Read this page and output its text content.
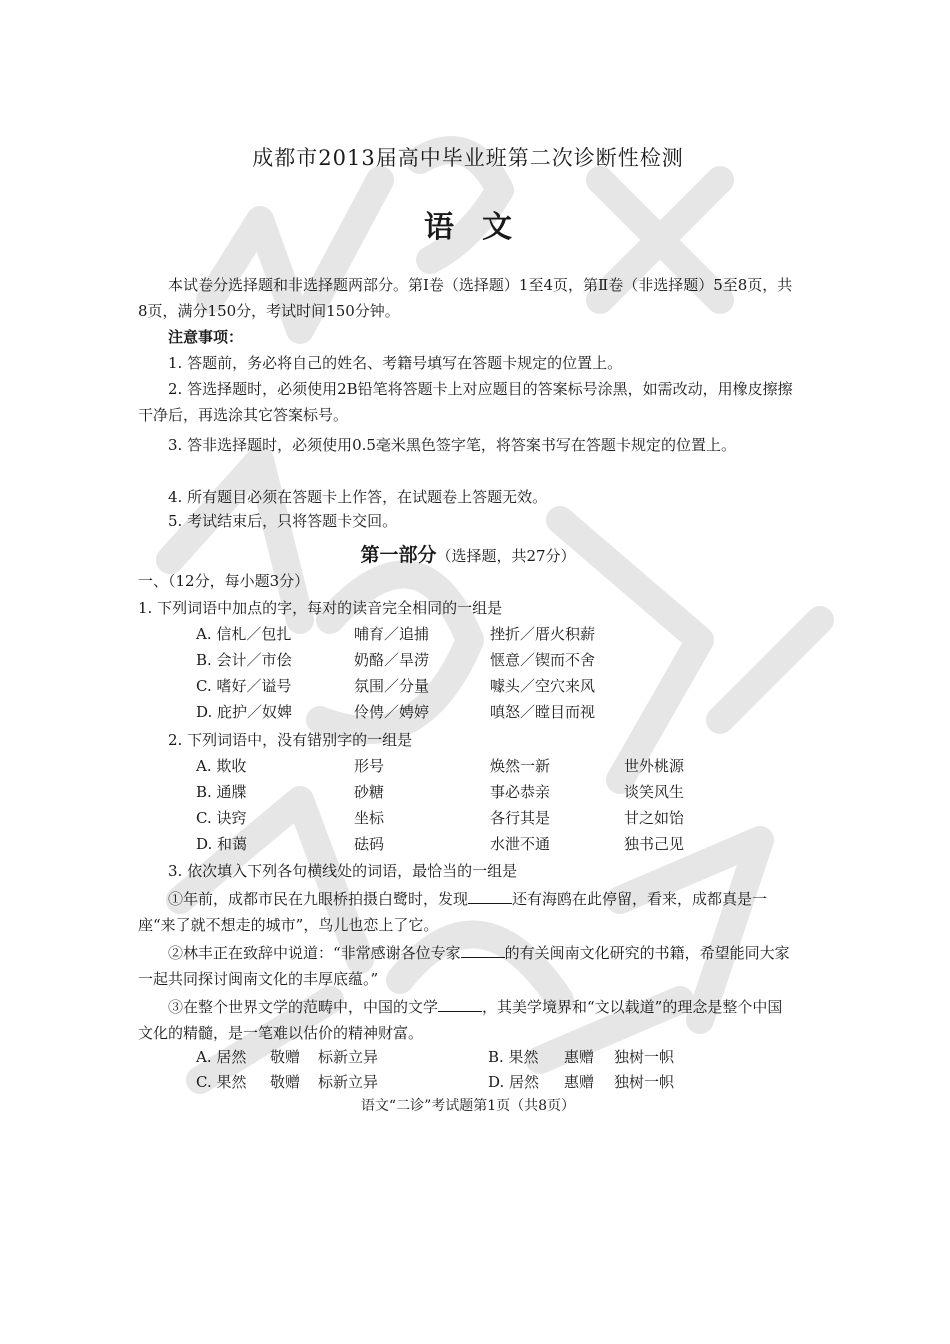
成都市2013届高中毕业班第二次诊断性检测
语文
本试卷分选择题和非选择题两部分。第Ⅰ卷（选择题）1至4页，第Ⅱ卷（非选择题）5至8页，共8页，满分150分，考试时间150分钟。
注意事项：
1. 答题前，务必将自己的姓名、考籍号填写在答题卡规定的位置上。
2. 答选择题时，必须使用2B铅笔将答题卡上对应题目的答案标号涂黑，如需改动，用橡皮擦擦干净后，再选涂其它答案标号。
3. 答非选择题时，必须使用0.5毫米黑色签字笔，将答案书写在答题卡规定的位置上。
4. 所有题目必须在答题卡上作答，在试题卷上答题无效。
5. 考试结束后，只将答题卡交回。
第一部分（选择题，共27分）
一、（12分，每小题3分）
1. 下列词语中加点的字，每对的读音完全相同的一组是
A. 信札／包扎	哺育／追捕	挫折／厝火积薪
B. 会计／市侩	奶酪／旱涝	惬意／锲而不舍
C. 嗜好／谥号	氛围／分量	噱头／空穴来风
D. 庇护／奴婢	伶俜／娉婷	嗔怒／瞠目而视
2. 下列词语中，没有错别字的一组是
A. 欺收	形号	焕然一新	世外桃源
B. 通牒	砂糖	事必恭亲	谈笑风生
C. 诀窍	坐标	各行其是	甘之如饴
D. 和蔼	砝码	水泄不通	独书己见
3. 依次填入下列各句横线处的词语，最恰当的一组是
①年前，成都市民在九眼桥拍摄白鹭时，发现	还有海鸥在此停留，看来，成都真是一座“来了就不想走的城市”，鸟儿也恋上了它。
②林丰正在致辞中说道：“非常感谢各位专家	的有关闽南文化研究的书籍，希望能同大家一起共同探讨闽南文化的丰厚底蕴。”
③在整个世界文学的范畴中，中国的文学	，其美学境界和“文以载道”的理念是整个中国文化的精髓，是一笔难以估价的精神财富。
A. 居然 敬赠 标新立异	B. 果然 惠赠 独树一帜
C. 果然 敬赠 标新立异	D. 居然 惠赠 独树一帜
语文“二诊”考试题第1页（共8页）
